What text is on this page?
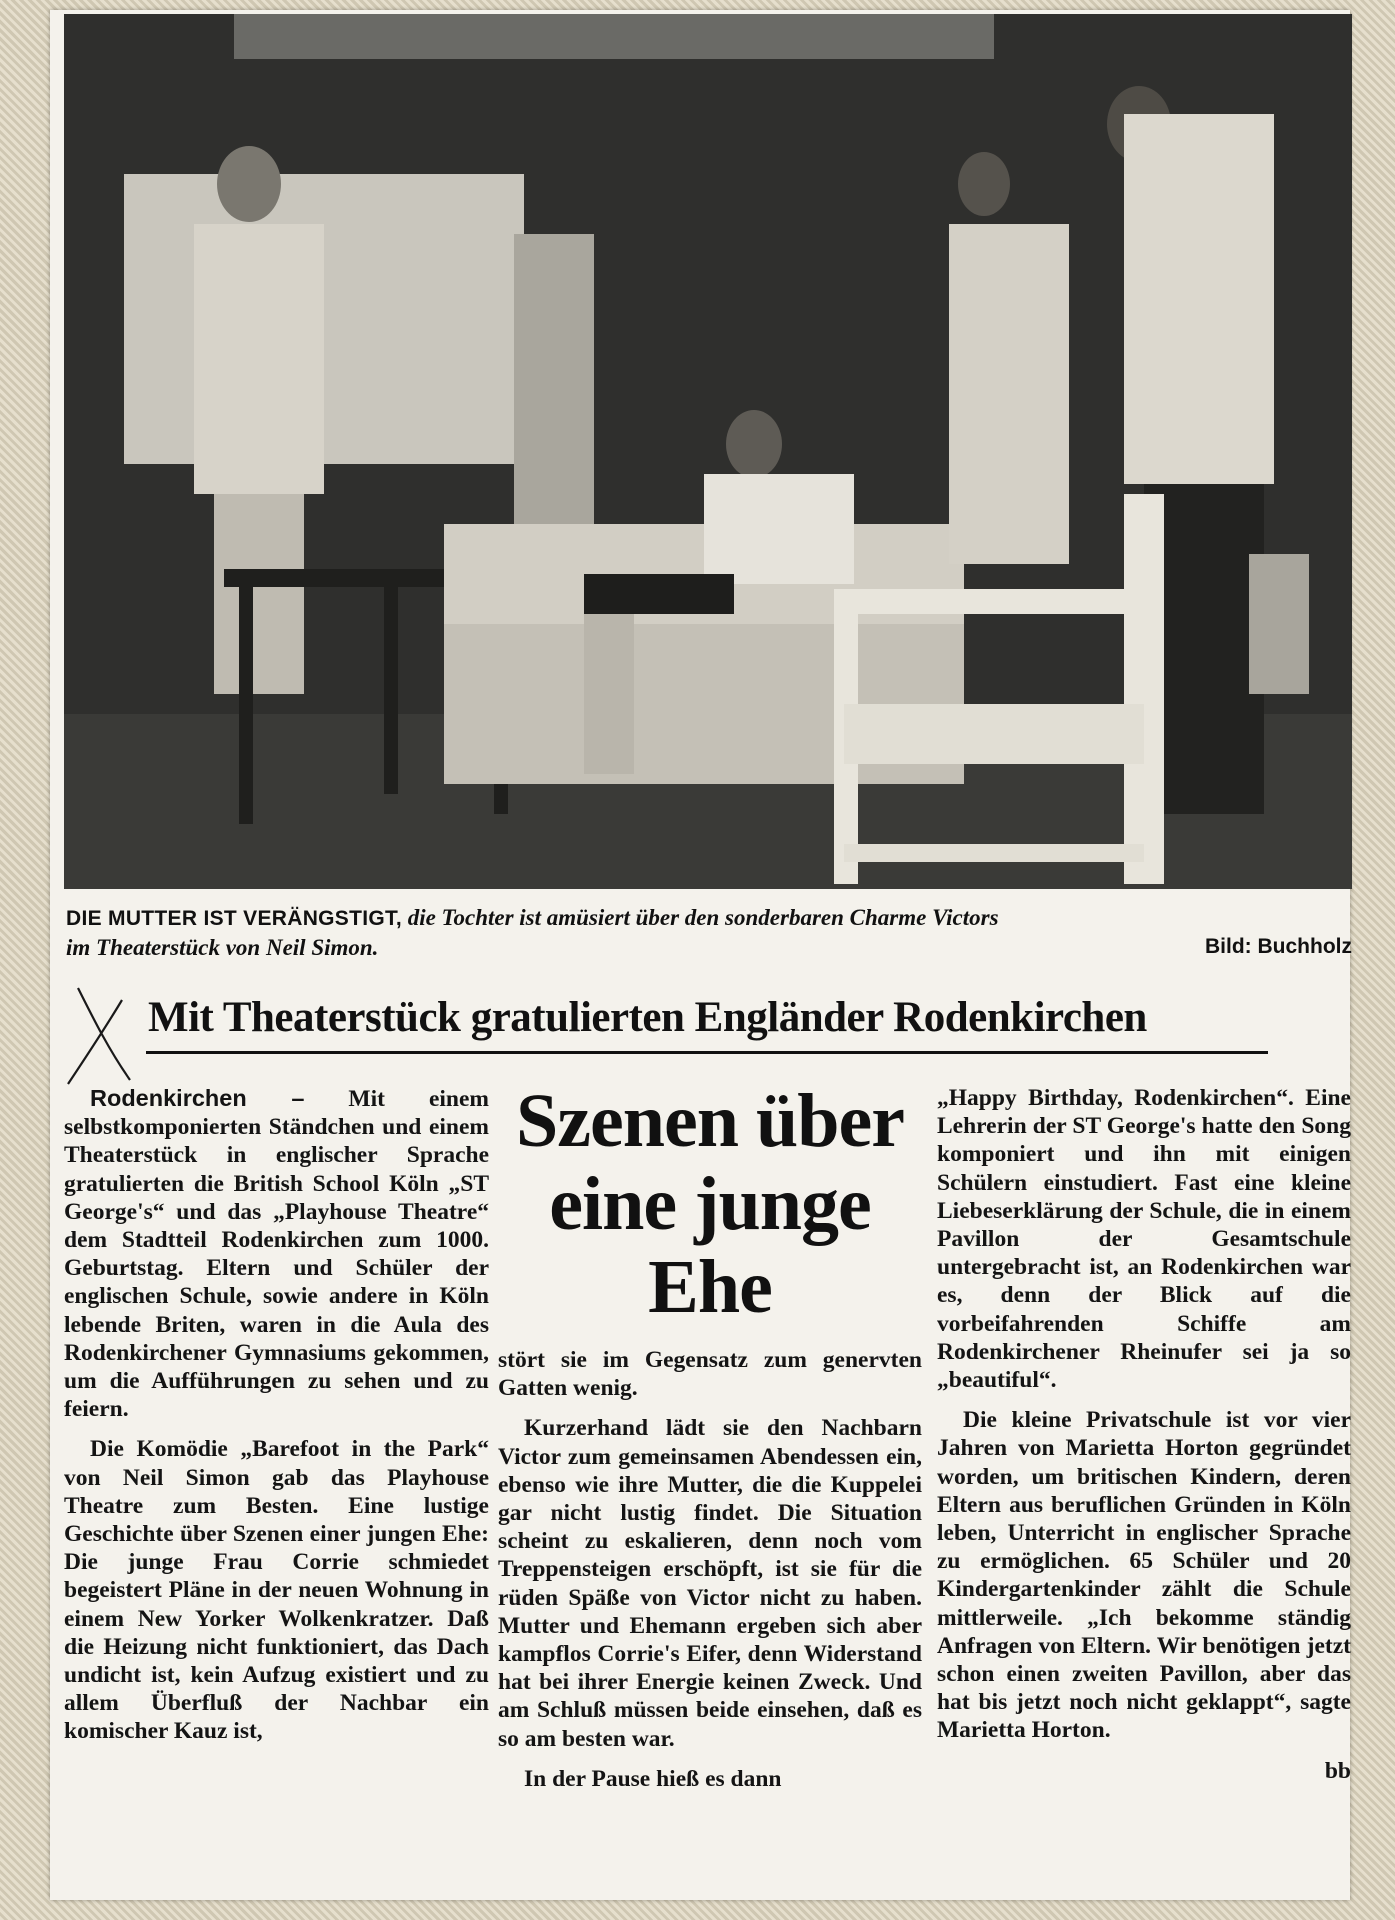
DIE MUTTER IST VERÄNGSTIGT, die Tochter ist amüsiert über den sonderbaren Charme Victors
im Theaterstück von Neil Simon.	Bild: Buchholz
Mit Theaterstück gratulierten Engländer Rodenkirchen

Rodenkirchen – Mit einem selbstkomponierten Ständchen und einem Theaterstück in englischer Sprache gratulierten die British School Köln „ST George's“ und das „Playhouse Theatre“ dem Stadtteil Rodenkirchen zum 1000. Geburtstag. Eltern und Schüler der englischen Schule, sowie andere in Köln lebende Briten, waren in die Aula des Rodenkirchener Gymnasiums gekommen, um die Aufführungen zu sehen und zu feiern.

Die Komödie „Barefoot in the Park“ von Neil Simon gab das Playhouse Theatre zum Besten. Eine lustige Geschichte über Szenen einer jungen Ehe: Die junge Frau Corrie schmiedet begeistert Pläne in der neuen Wohnung in einem New Yorker Wolkenkratzer. Daß die Heizung nicht funktioniert, das Dach undicht ist, kein Aufzug existiert und zu allem Überfluß der Nachbar ein komischer Kauz ist,

Szenen über eine junge Ehe

stört sie im Gegensatz zum genervten Gatten wenig.

Kurzerhand lädt sie den Nachbarn Victor zum gemeinsamen Abendessen ein, ebenso wie ihre Mutter, die die Kuppelei gar nicht lustig findet. Die Situation scheint zu eskalieren, denn noch vom Treppensteigen erschöpft, ist sie für die rüden Späße von Victor nicht zu haben. Mutter und Ehemann ergeben sich aber kampflos Corrie's Eifer, denn Widerstand hat bei ihrer Energie keinen Zweck. Und am Schluß müssen beide einsehen, daß es so am besten war.

In der Pause hieß es dann

„Happy Birthday, Rodenkirchen“. Eine Lehrerin der ST George's hatte den Song komponiert und ihn mit einigen Schülern einstudiert. Fast eine kleine Liebeserklärung der Schule, die in einem Pavillon der Gesamtschule untergebracht ist, an Rodenkirchen war es, denn der Blick auf die vorbeifahrenden Schiffe am Rodenkirchener Rheinufer sei ja so „beautiful“.

Die kleine Privatschule ist vor vier Jahren von Marietta Horton gegründet worden, um britischen Kindern, deren Eltern aus beruflichen Gründen in Köln leben, Unterricht in englischer Sprache zu ermöglichen. 65 Schüler und 20 Kindergartenkinder zählt die Schule mittlerweile. „Ich bekomme ständig Anfragen von Eltern. Wir benötigen jetzt schon einen zweiten Pavillon, aber das hat bis jetzt noch nicht geklappt“, sagte Marietta Horton.

bb
